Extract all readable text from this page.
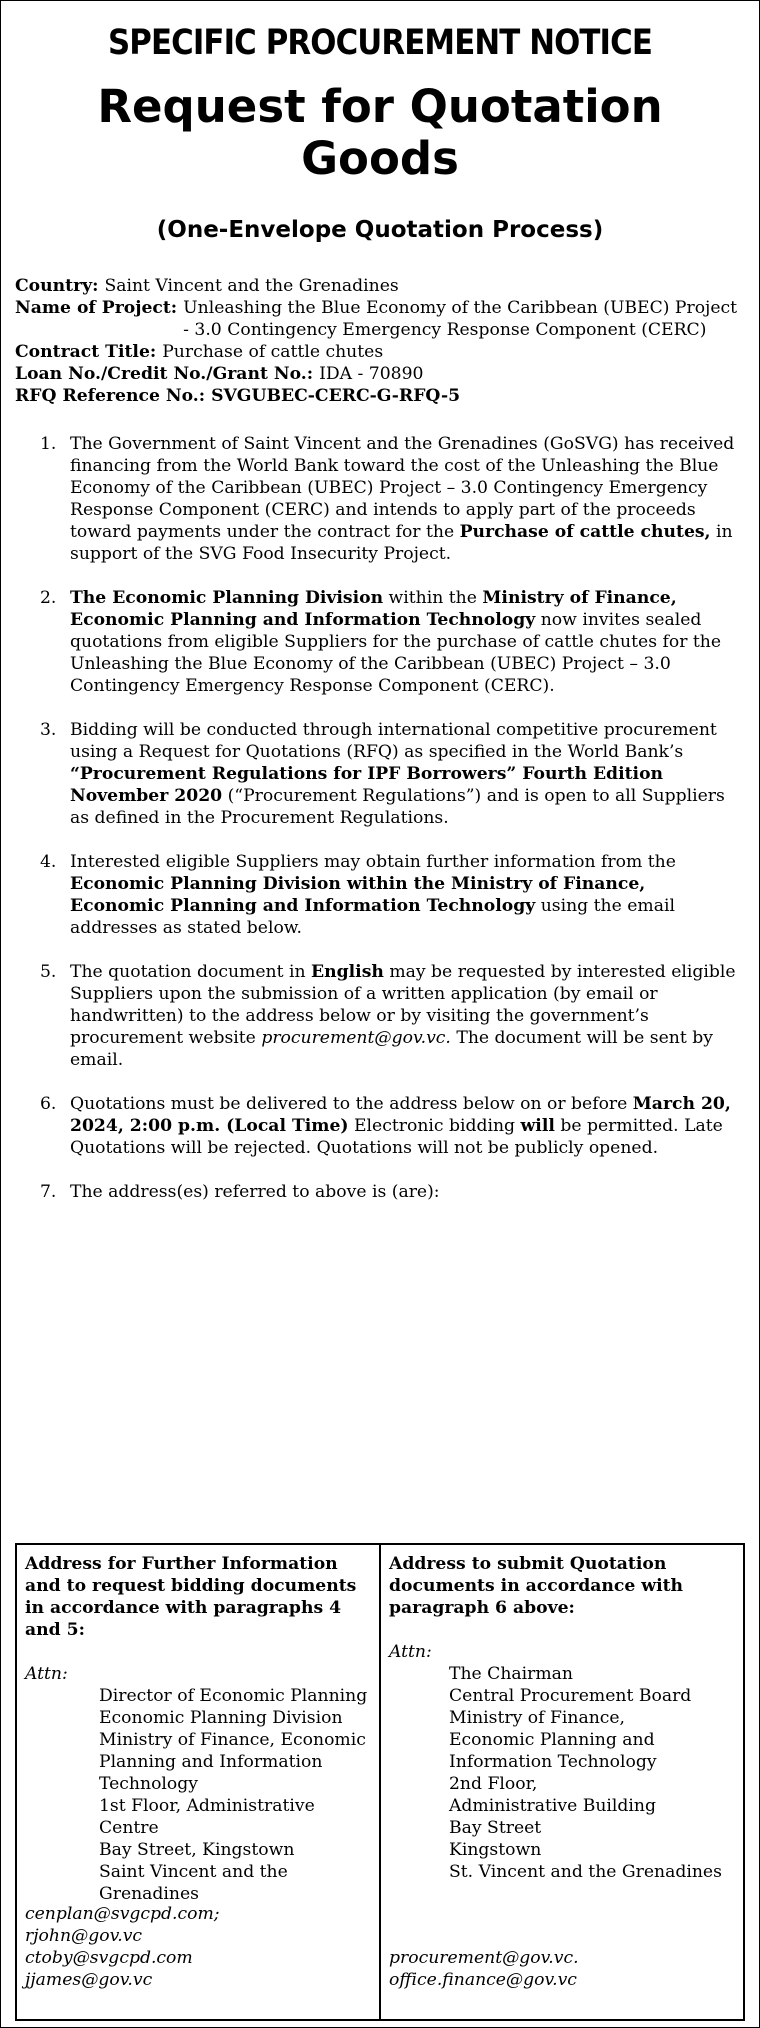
SPECIFIC PROCUREMENT NOTICE
Request for Quotation Goods
(One-Envelope Quotation Process)
Country: Saint Vincent and the Grenadines
Name of Project: Unleashing the Blue Economy of the Caribbean (UBEC) Project - 3.0 Contingency Emergency Response Component (CERC)
Contract Title: Purchase of cattle chutes
Loan No./Credit No./Grant No.: IDA - 70890
RFQ Reference No.: SVGUBEC-CERC-G-RFQ-5
1. The Government of Saint Vincent and the Grenadines (GoSVG) has received financing from the World Bank toward the cost of the Unleashing the Blue Economy of the Caribbean (UBEC) Project – 3.0 Contingency Emergency Response Component (CERC) and intends to apply part of the proceeds toward payments under the contract for the Purchase of cattle chutes, in support of the SVG Food Insecurity Project.
2. The Economic Planning Division within the Ministry of Finance, Economic Planning and Information Technology now invites sealed quotations from eligible Suppliers for the purchase of cattle chutes for the Unleashing the Blue Economy of the Caribbean (UBEC) Project – 3.0 Contingency Emergency Response Component (CERC).
3. Bidding will be conducted through international competitive procurement using a Request for Quotations (RFQ) as specified in the World Bank’s “Procurement Regulations for IPF Borrowers” Fourth Edition November 2020 (“Procurement Regulations”) and is open to all Suppliers as defined in the Procurement Regulations.
4. Interested eligible Suppliers may obtain further information from the Economic Planning Division within the Ministry of Finance, Economic Planning and Information Technology using the email addresses as stated below.
5. The quotation document in English may be requested by interested eligible Suppliers upon the submission of a written application (by email or handwritten) to the address below or by visiting the government’s procurement website procurement@gov.vc. The document will be sent by email.
6. Quotations must be delivered to the address below on or before March 20, 2024, 2:00 p.m. (Local Time) Electronic bidding will be permitted. Late Quotations will be rejected. Quotations will not be publicly opened.
7. The address(es) referred to above is (are):
Address for Further Information and to request bidding documents in accordance with paragraphs 4 and 5:
Attn:
Director of Economic Planning
Economic Planning Division
Ministry of Finance, Economic Planning and Information Technology
1st Floor, Administrative Centre
Bay Street, Kingstown
Saint Vincent and the Grenadines
cenplan@svgcpd.com;
rjohn@gov.vc
ctoby@svgcpd.com
jjames@gov.vc

Address to submit Quotation documents in accordance with paragraph 6 above:
Attn:
The Chairman
Central Procurement Board
Ministry of Finance,
Economic Planning and Information Technology
2nd Floor,
Administrative Building
Bay Street
Kingstown
St. Vincent and the Grenadines
procurement@gov.vc.
office.finance@gov.vc
